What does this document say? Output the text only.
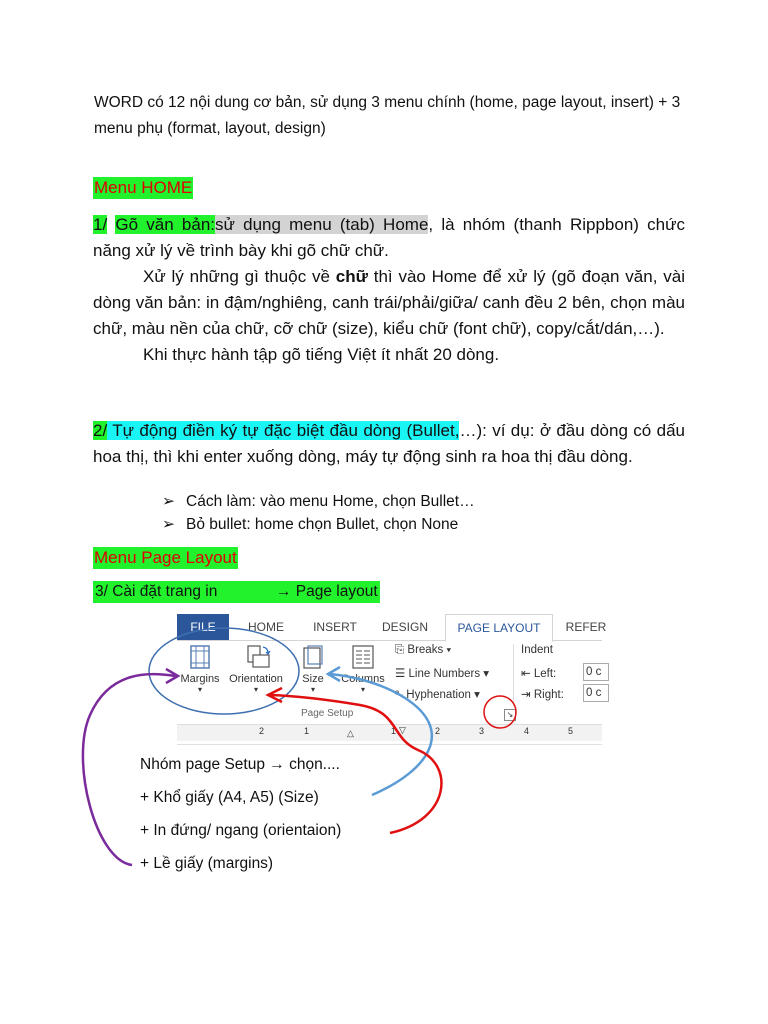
WORD có 12 nội dung cơ bản, sử dụng 3 menu chính (home, page layout, insert) + 3 menu phụ (format, layout, design)
Menu HOME

1/ Gõ văn bản:sử dụng menu (tab) Home, là nhóm (thanh Rippbon) chức năng xử lý về trình bày khi gõ chữ chữ.

Xử lý những gì thuộc về chữ thì vào Home để xử lý (gõ đoạn văn, vài dòng văn bản: in đậm/nghiêng, canh trái/phải/giữa/ canh đều 2 bên, chọn màu chữ, màu nền của chữ, cỡ chữ (size), kiểu chữ (font chữ), copy/cắt/dán,…).

Khi thực hành tập gõ tiếng Việt ít nhất 20 dòng.

2/ Tự động điền ký tự đặc biệt đầu dòng (Bullet,…): ví dụ: ở đầu dòng có dấu hoa thị, thì khi enter xuống dòng, máy tự động sinh ra hoa thị đầu dòng.

➢ Cách làm: vào menu Home, chọn Bullet…
➢ Bỏ bullet: home chọn Bullet, chọn None
Menu Page Layout
3/ Cài đặt trang in	→ Page layout
FILE	HOME	INSERT	DESIGN	PAGE LAYOUT	REFER
Margins
▾
Orientation
▾
Size
▾
Columns
▾
⎘ Breaks ▾
☰ Line Numbers ▾
ª- Hyphenation ▾
Indent
⇤ Left:	0 c
⇥ Right: 0 c
Page Setup	↘
2	1	△	1 ▽	2	3	4	5
Nhóm page Setup → chọn....
+ Khổ giấy (A4, A5) (Size)
+ In đứng/ ngang (orientaion)
+ Lề giấy (margins)
